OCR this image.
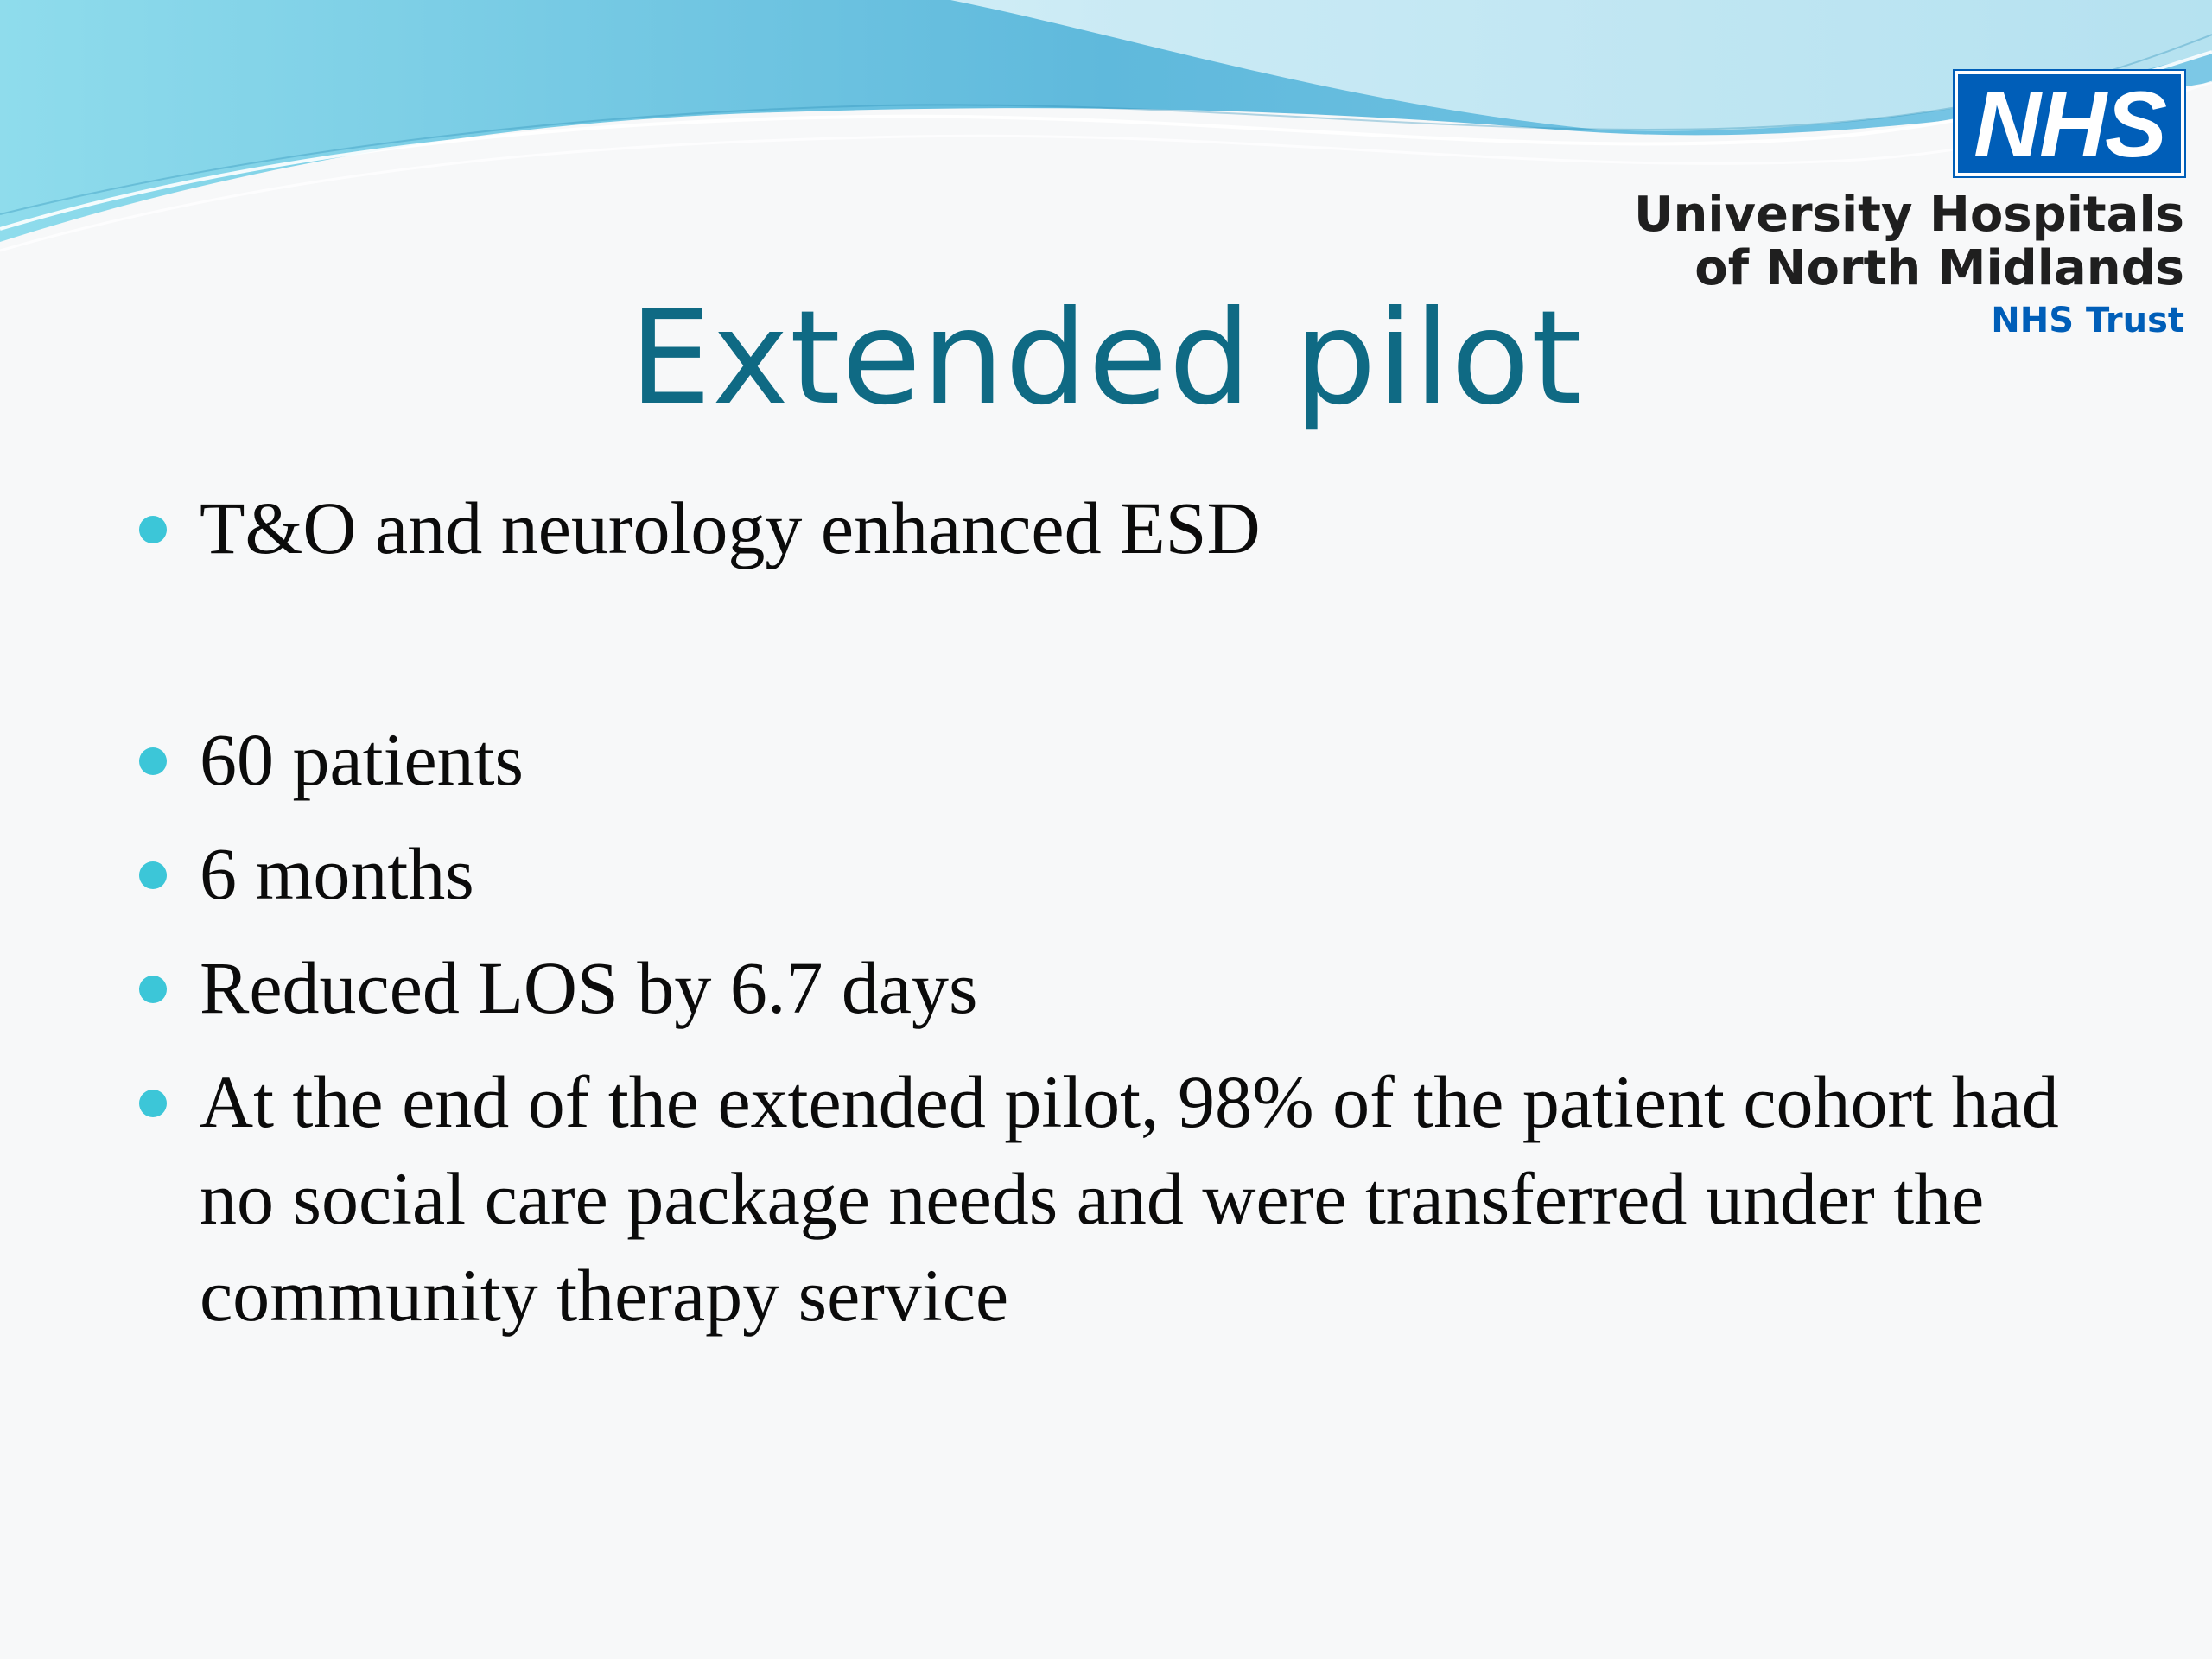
NHS
University Hospitals
of North Midlands
NHS Trust
Extended pilot
T&O and neurology enhanced ESD
60 patients
6 months
Reduced LOS by 6.7 days
At the end of the extended pilot, 98% of the patient cohort had no social care package needs and were transferred under the community therapy service
